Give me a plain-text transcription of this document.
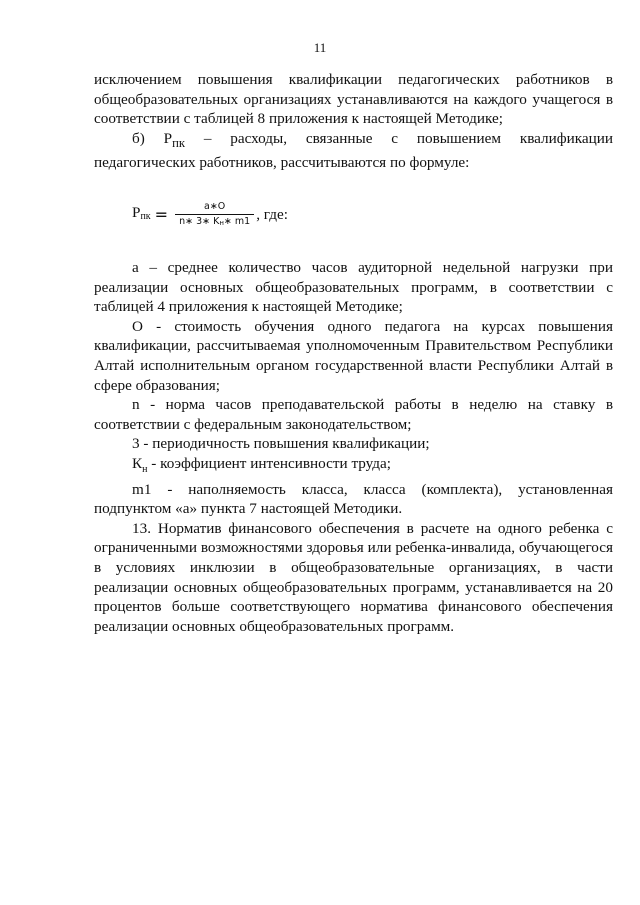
11

исключением повышения квалификации педагогических работников в общеобразовательных организациях устанавливаются на каждого учащегося в соответствии с таблицей 8 приложения к настоящей Методике;

б) $Р_{пк}$ – расходы, связанные с повышением квалификации педагогических работников, рассчитываются по формуле:

$Р_{пк} = \frac{a∗O}{n∗ 3∗ K_н∗ m1}$ , где:

а – среднее количество часов аудиторной недельной нагрузки при реализации основных общеобразовательных программ, в соответствии с таблицей 4 приложения к настоящей Методике;

О - стоимость обучения одного педагога на курсах повышения квалификации, рассчитываемая уполномоченным Правительством Республики Алтай исполнительным органом государственной власти Республики Алтай в сфере образования;

n - норма часов преподавательской работы в неделю на ставку в соответствии с федеральным законодательством;

3 - периодичность повышения квалификации;

$К_н$ - коэффициент интенсивности труда;

m1 - наполняемость класса, класса (комплекта), установленная подпунктом «а» пункта 7 настоящей Методики.

13. Норматив финансового обеспечения в расчете на одного ребенка с ограниченными возможностями здоровья или ребенка-инвалида, обучающегося в условиях инклюзии в общеобразовательные организациях, в части реализации основных общеобразовательных программ, устанавливается на 20 процентов больше соответствующего норматива финансового обеспечения реализации основных общеобразовательных программ.
